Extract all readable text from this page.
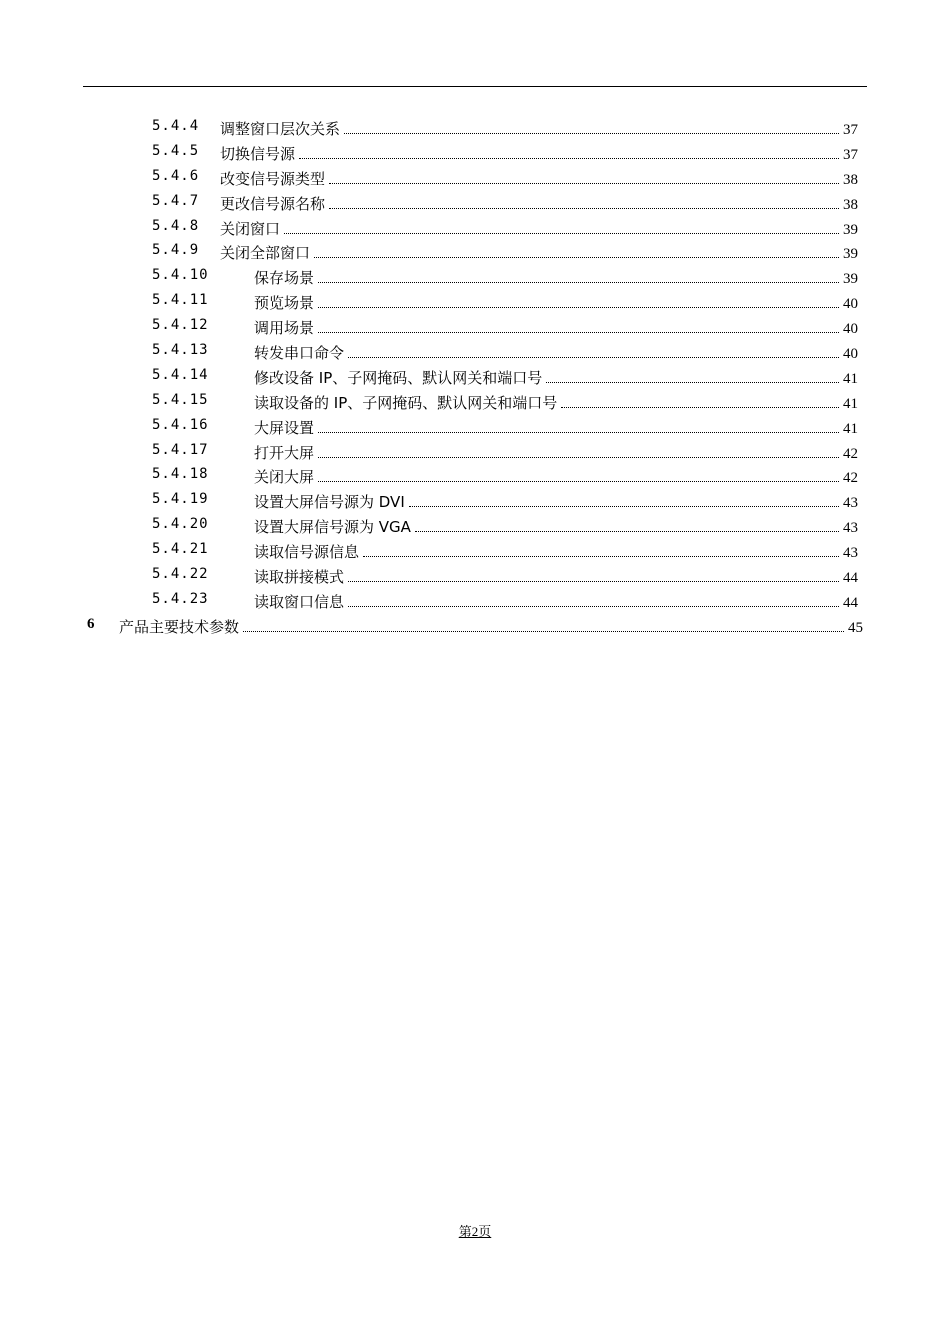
5.4.4 调整窗口层次关系	37
5.4.5 切换信号源	37
5.4.6 改变信号源类型	38
5.4.7 更改信号源名称	38
5.4.8 关闭窗口	39
5.4.9 关闭全部窗口	39
5.4.10	保存场景	39
5.4.11	预览场景	40
5.4.12	调用场景	40
5.4.13	转发串口命令	40
5.4.14	修改设备 IP、子网掩码、默认网关和端口号	41
5.4.15	读取设备的 IP、子网掩码、默认网关和端口号	41
5.4.16	大屏设置	41
5.4.17	打开大屏	42
5.4.18	关闭大屏	42
5.4.19	设置大屏信号源为 DVI	43
5.4.20	设置大屏信号源为 VGA	43
5.4.21	读取信号源信息	43
5.4.22	读取拼接模式	44
5.4.23	读取窗口信息	44
6 产品主要技术参数	45
第2页
